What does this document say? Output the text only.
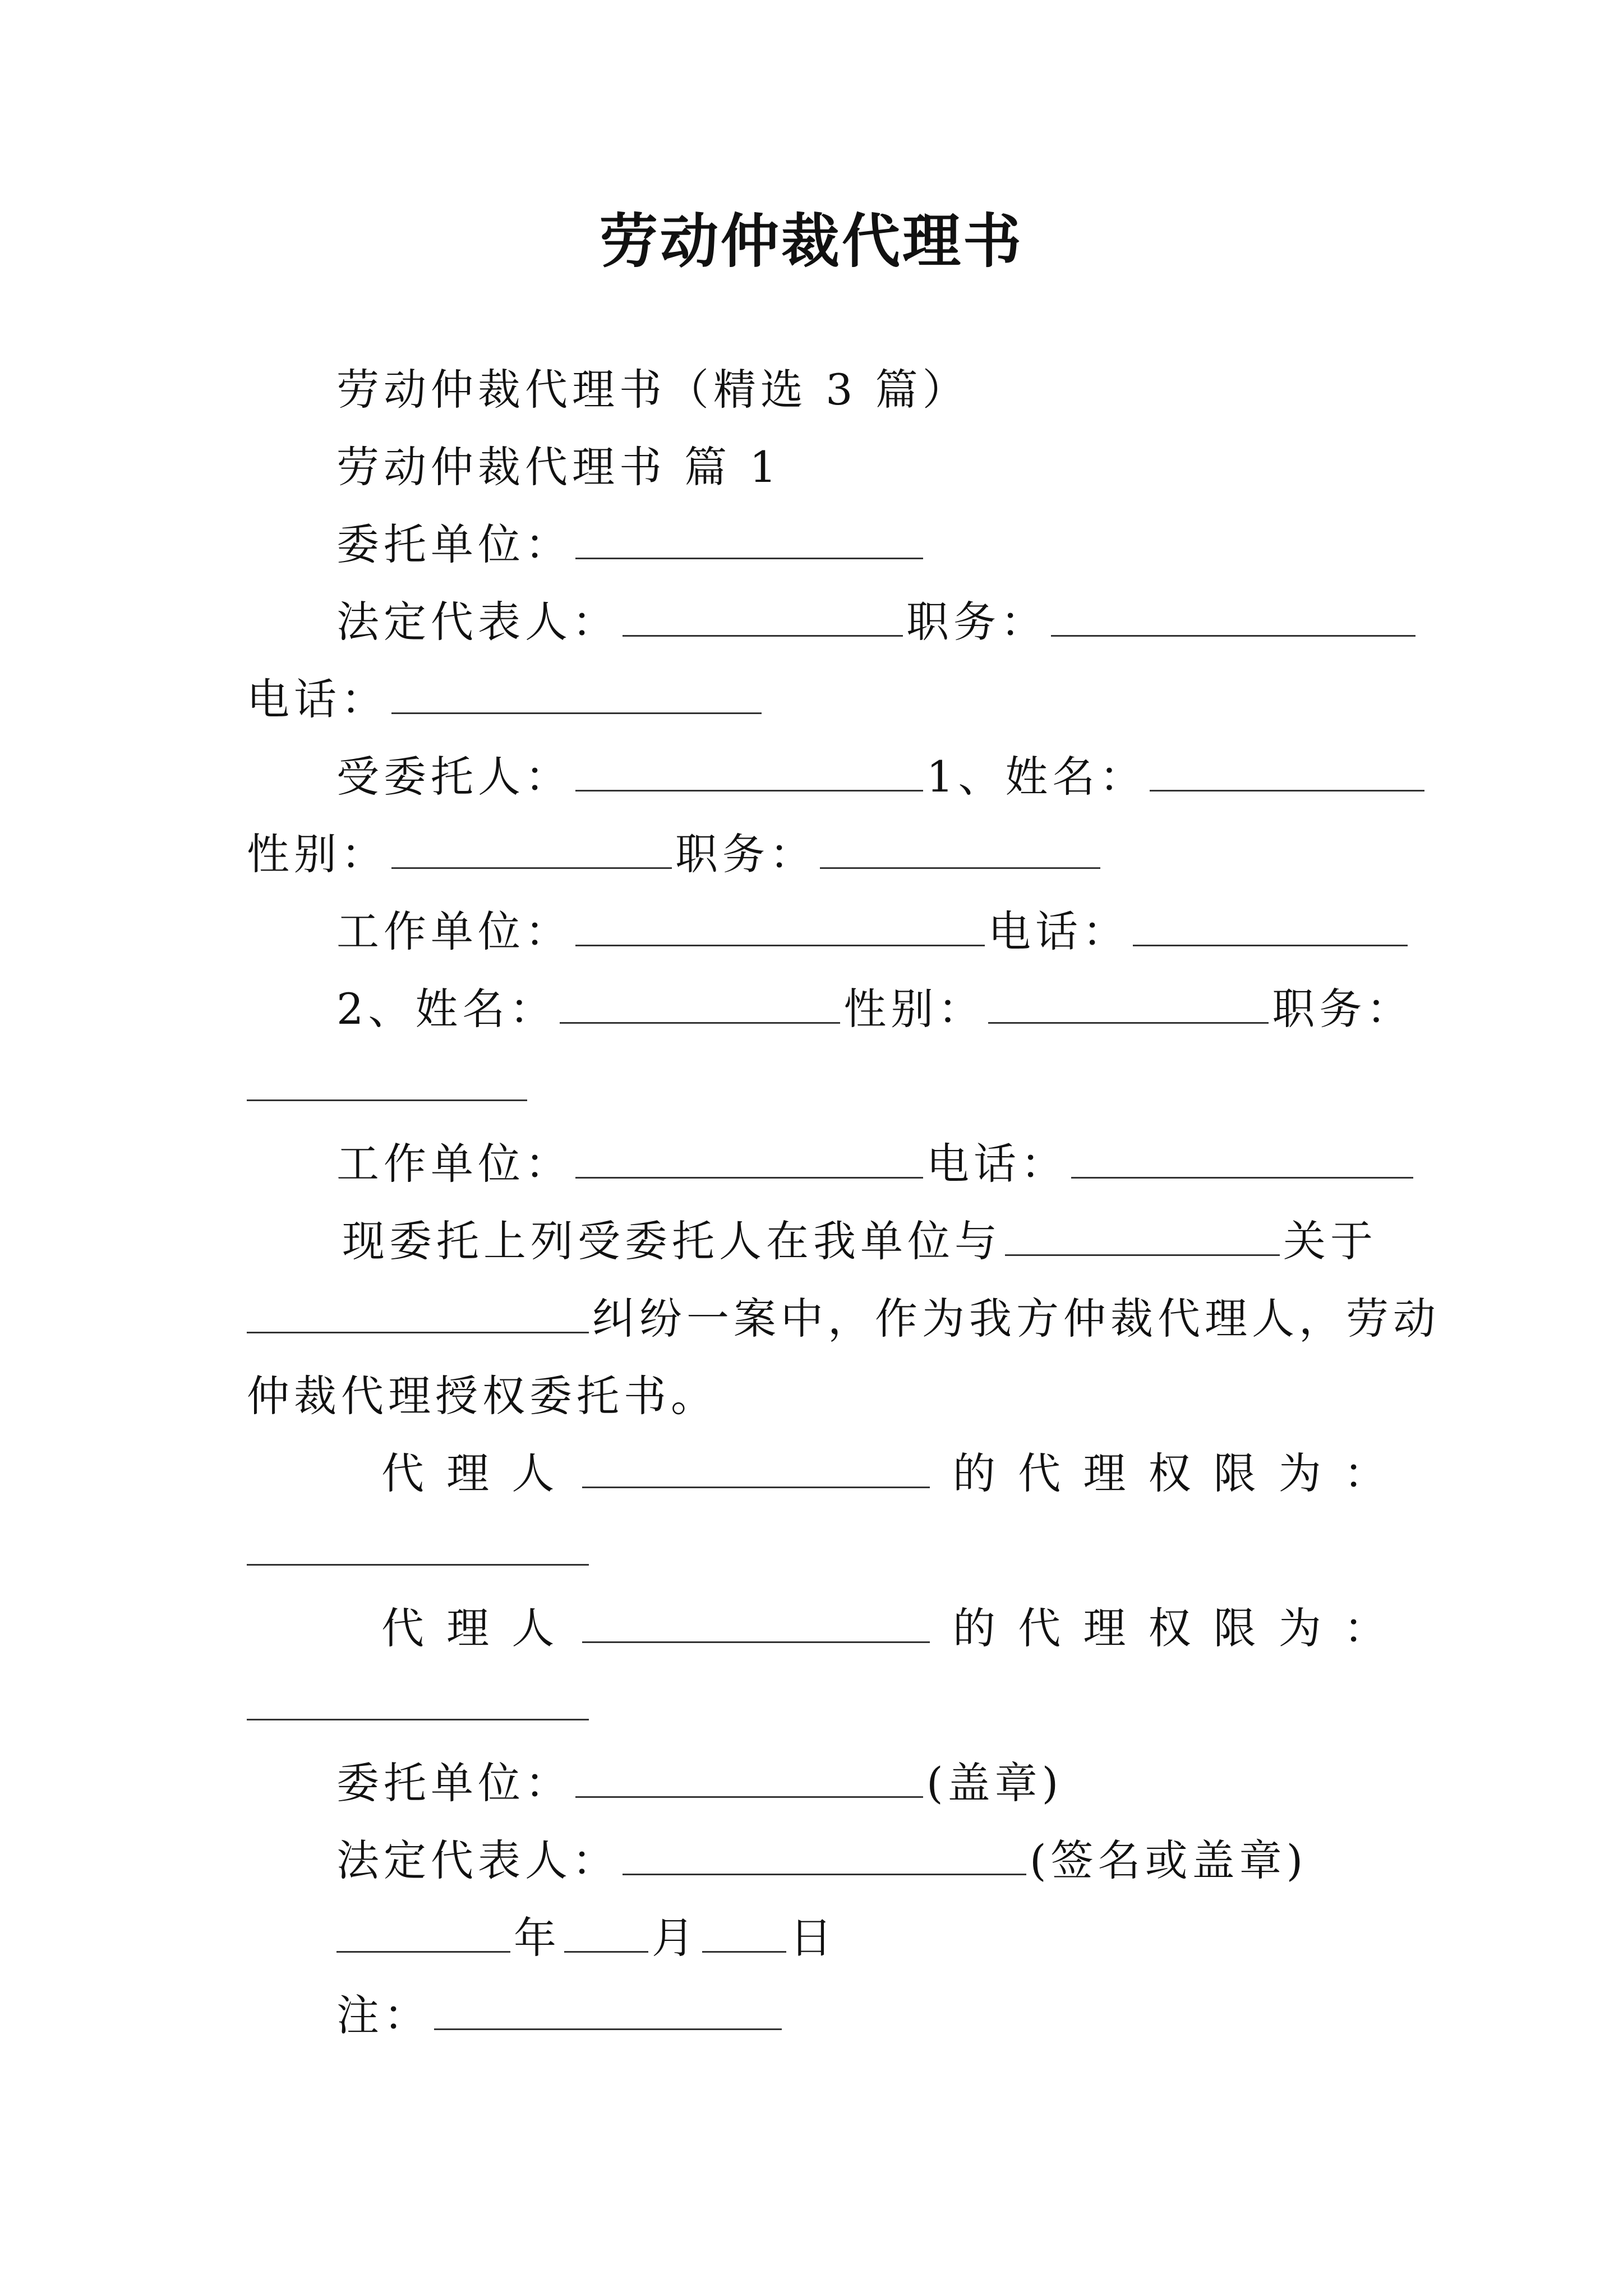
劳动仲裁代理书
劳动仲裁代理书（精选 3 篇）
劳动仲裁代理书 篇 1
委托单位：
法定代表人：	职务：
电话：
受委托人：	1、姓名：
性别：	职务：
工作单位：	电话：
2、姓名：	性别：	职务：
工作单位：	电话：
现委托上列受委托人在我单位与	关于
纠纷一案中，作为我方仲裁代理人，劳动
仲裁代理授权委托书。
代 理 人	的 代 理 权 限 为 ：
代 理 人	的 代 理 权 限 为 ：
委托单位：	(盖章)
法定代表人：	(签名或盖章)
年 月 日
注：
